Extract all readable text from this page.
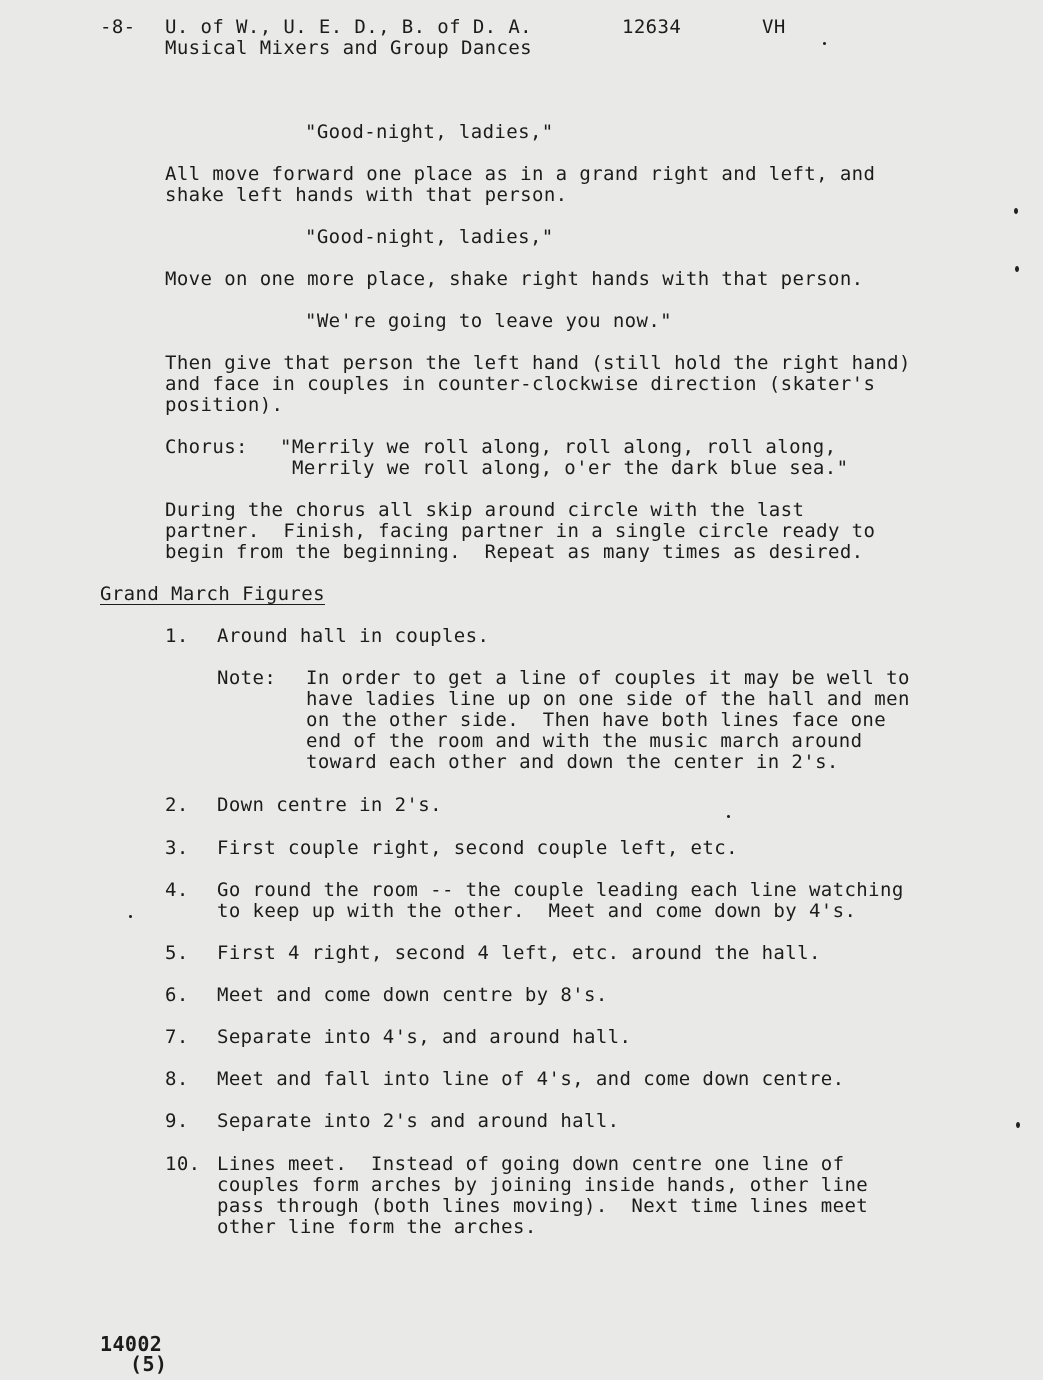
-8- U. of W., U. E. D., B. of D. A.	12634	VH
Musical Mixers and Group Dances
"Good-night, ladies,"
All move forward one place as in a grand right and left, and
shake left hands with that person.
"Good-night, ladies,"
Move on one more place, shake right hands with that person.
"We're going to leave you now."
Then give that person the left hand (still hold the right hand)
and face in couples in counter-clockwise direction (skater's
position).
Chorus: "Merrily we roll along, roll along, roll along,
Merrily we roll along, o'er the dark blue sea."
During the chorus all skip around circle with the last
partner.  Finish, facing partner in a single circle ready to
begin from the beginning.  Repeat as many times as desired.
Grand March Figures
1. Around hall in couples.
Note: In order to get a line of couples it may be well to
have ladies line up on one side of the hall and men
on the other side.  Then have both lines face one
end of the room and with the music march around
toward each other and down the center in 2's.
2. Down centre in 2's.
3. First couple right, second couple left, etc.
4. Go round the room -- the couple leading each line watching
to keep up with the other.  Meet and come down by 4's.
5. First 4 right, second 4 left, etc. around the hall.
6. Meet and come down centre by 8's.
7. Separate into 4's, and around hall.
8. Meet and fall into line of 4's, and come down centre.
9. Separate into 2's and around hall.
10. Lines meet.  Instead of going down centre one line of
couples form arches by joining inside hands, other line
pass through (both lines moving).  Next time lines meet
other line form the arches.
14002
(5)
